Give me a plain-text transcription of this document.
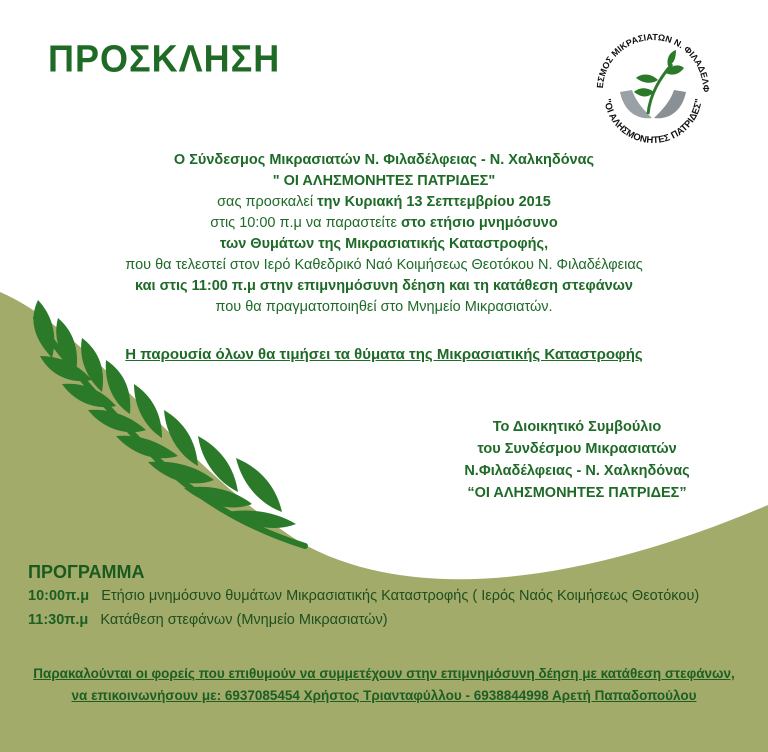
ΠΡΟΣΚΛΗΣΗ
ΕΣΜΟΣ ΜΙΚΡΑΣΙΑΤΩΝ Ν. ΦΙΛΑΔΕΛΦ
"ΟΙ ΑΛΗΣΜΟΝΗΤΕΣ ΠΑΤΡΙΔΕΣ"
Ο Σύνδεσμος Μικρασιατών Ν. Φιλαδέλφειας - Ν. Χαλκηδόνας
" ΟΙ ΑΛΗΣΜΟΝΗΤΕΣ ΠΑΤΡΙΔΕΣ"
σας προσκαλεί την Κυριακή 13 Σεπτεμβρίου 2015
στις 10:00 π.μ να παραστείτε στο ετήσιο μνημόσυνο
των Θυμάτων της Μικρασιατικής Καταστροφής,
που θα τελεστεί στον Ιερό Καθεδρικό Ναό Κοιμήσεως Θεοτόκου Ν. Φιλαδέλφειας
και στις 11:00 π.μ στην επιμνημόσυνη δέηση και τη κατάθεση στεφάνων
που θα πραγματοποιηθεί στο Μνημείο Μικρασιατών.
Η παρουσία όλων θα τιμήσει τα θύματα της Μικρασιατικής Καταστροφής
Το Διοικητικό Συμβούλιο
του Συνδέσμου Μικρασιατών
Ν.Φιλαδέλφειας - Ν. Χαλκηδόνας
“ΟΙ ΑΛΗΣΜΟΝΗΤΕΣ ΠΑΤΡΙΔΕΣ”
ΠΡΟΓΡΑΜΜΑ
10:00π.μ Ετήσιο μνημόσυνο θυμάτων Μικρασιατικής Καταστροφής ( Ιερός Ναός Κοιμήσεως Θεοτόκου)
11:30π.μ Κατάθεση στεφάνων (Μνημείο Μικρασιατών)
Παρακαλούνται οι φορείς που επιθυμούν να συμμετέχουν στην επιμνημόσυνη δέηση με κατάθεση στεφάνων,
να επικοινωνήσουν με: 6937085454 Χρήστος Τριανταφύλλου - 6938844998 Αρετή Παπαδοπούλου
